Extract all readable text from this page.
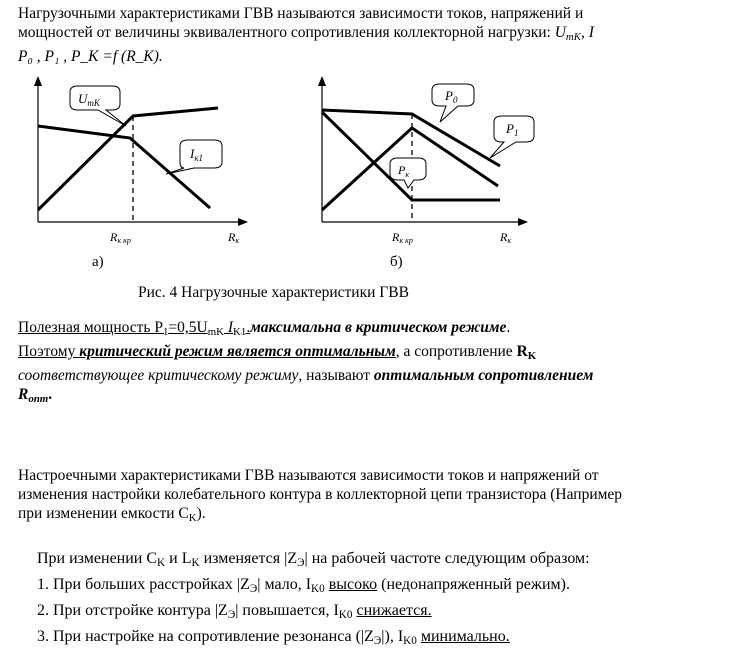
Нагрузочными характеристиками ГВВ называются зависимости токов, напряжений и
мощностей от величины эквивалентного сопротивления коллекторной нагрузки: $U_{mK}$, I
P₀ , P₁ , P_K =f (R_K).
$U_{mK}$
$I_{к1}$
Rк кр	Rк
а)
$P_0$
$P_1$
$P_к$
Rк кр	Rк
б)
Рис. 4 Нагрузочные характеристики ГВВ
Полезная мощность $P_1=0,5U_{mK}$ $I_{K1}.максимальна$ в критическом режиме.
Поэтому критический режим является оптимальным, а сопротивление $R_K$
соответствующее критическому режиму, называют оптимальным сопротивлением
$R_{опт}$.
Настроечными характеристиками ГВВ называются зависимости токов и напряжений от
изменения настройки колебательного контура в коллекторной цепи транзистора (Например
при изменении емкости $C_K$).
При изменении $C_K$ и $L_K$ изменяется $|Z_Э|$ на рабочей частоте следующим образом:
1. При больших расстройках $|Z_Э|$ мало, $I_{K0}$ высоко (недонапряженный режим).
2. При отстройке контура $|Z_Э|$ повышается, $I_{K0}$ снижается.
3. При настройке на сопротивление резонанса $(|Z_Э|)$, $I_{K0}$ минимально.
